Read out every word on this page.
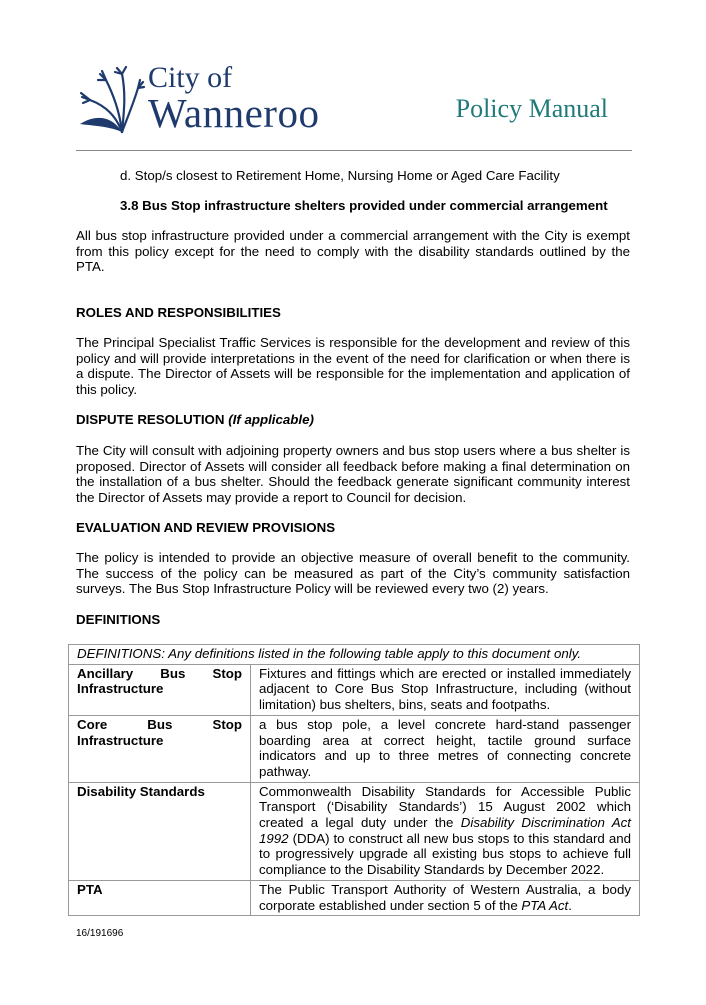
City of
Wanneroo	Policy Manual
d. Stop/s closest to Retirement Home, Nursing Home or Aged Care Facility
3.8 Bus Stop infrastructure shelters provided under commercial arrangement
All bus stop infrastructure provided under a commercial arrangement with the City is exempt from this policy except for the need to comply with the disability standards outlined by the PTA.
ROLES AND RESPONSIBILITIES
The Principal Specialist Traffic Services is responsible for the development and review of this policy and will provide interpretations in the event of the need for clarification or when there is a dispute. The Director of Assets will be responsible for the implementation and application of this policy.
DISPUTE RESOLUTION (If applicable)
The City will consult with adjoining property owners and bus stop users where a bus shelter is proposed. Director of Assets will consider all feedback before making a final determination on the installation of a bus shelter. Should the feedback generate significant community interest the Director of Assets may provide a report to Council for decision.
EVALUATION AND REVIEW PROVISIONS
The policy is intended to provide an objective measure of overall benefit to the community. The success of the policy can be measured as part of the City’s community satisfaction surveys. The Bus Stop Infrastructure Policy will be reviewed every two (2) years.
DEFINITIONS
DEFINITIONS: Any definitions listed in the following table apply to this document only.	
Ancillary Bus Stop Infrastructure	Fixtures and fittings which are erected or installed immediately adjacent to Core Bus Stop Infrastructure, including (without limitation) bus shelters, bins, seats and footpaths.
Core Bus Stop Infrastructure	a bus stop pole, a level concrete hard-stand passenger boarding area at correct height, tactile ground surface indicators and up to three metres of connecting concrete pathway.
Disability Standards	Commonwealth Disability Standards for Accessible Public Transport (‘Disability Standards’) 15 August 2002 which created a legal duty under the Disability Discrimination Act 1992 (DDA) to construct all new bus stops to this standard and to progressively upgrade all existing bus stops to achieve full compliance to the Disability Standards by December 2022.
PTA	The Public Transport Authority of Western Australia, a body corporate established under section 5 of the PTA Act.
16/191696
